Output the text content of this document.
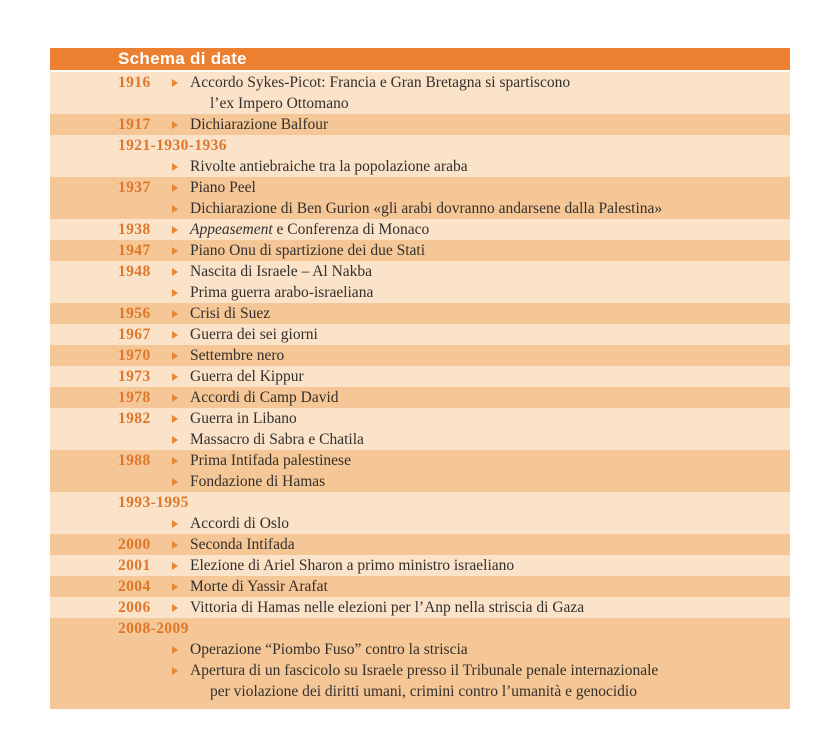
Schema di date
1916	Accordo Sykes-Picot: Francia e Gran Bretagna si spartiscono
l’ex Impero Ottomano
1917	Dichiarazione Balfour
1921-1930-1936
Rivolte antiebraiche tra la popolazione araba
1937	Piano Peel
Dichiarazione di Ben Gurion «gli arabi dovranno andarsene dalla Palestina»
1938	Appeasement e Conferenza di Monaco
1947	Piano Onu di spartizione dei due Stati
1948	Nascita di Israele – Al Nakba
Prima guerra arabo-israeliana
1956	Crisi di Suez
1967	Guerra dei sei giorni
1970	Settembre nero
1973	Guerra del Kippur
1978	Accordi di Camp David
1982	Guerra in Libano
Massacro di Sabra e Chatila
1988	Prima Intifada palestinese
Fondazione di Hamas
1993-1995
Accordi di Oslo
2000	Seconda Intifada
2001	Elezione di Ariel Sharon a primo ministro israeliano
2004	Morte di Yassir Arafat
2006	Vittoria di Hamas nelle elezioni per l’Anp nella striscia di Gaza
2008-2009
Operazione “Piombo Fuso” contro la striscia
Apertura di un fascicolo su Israele presso il Tribunale penale internazionale
per violazione dei diritti umani, crimini contro l’umanità e genocidio
